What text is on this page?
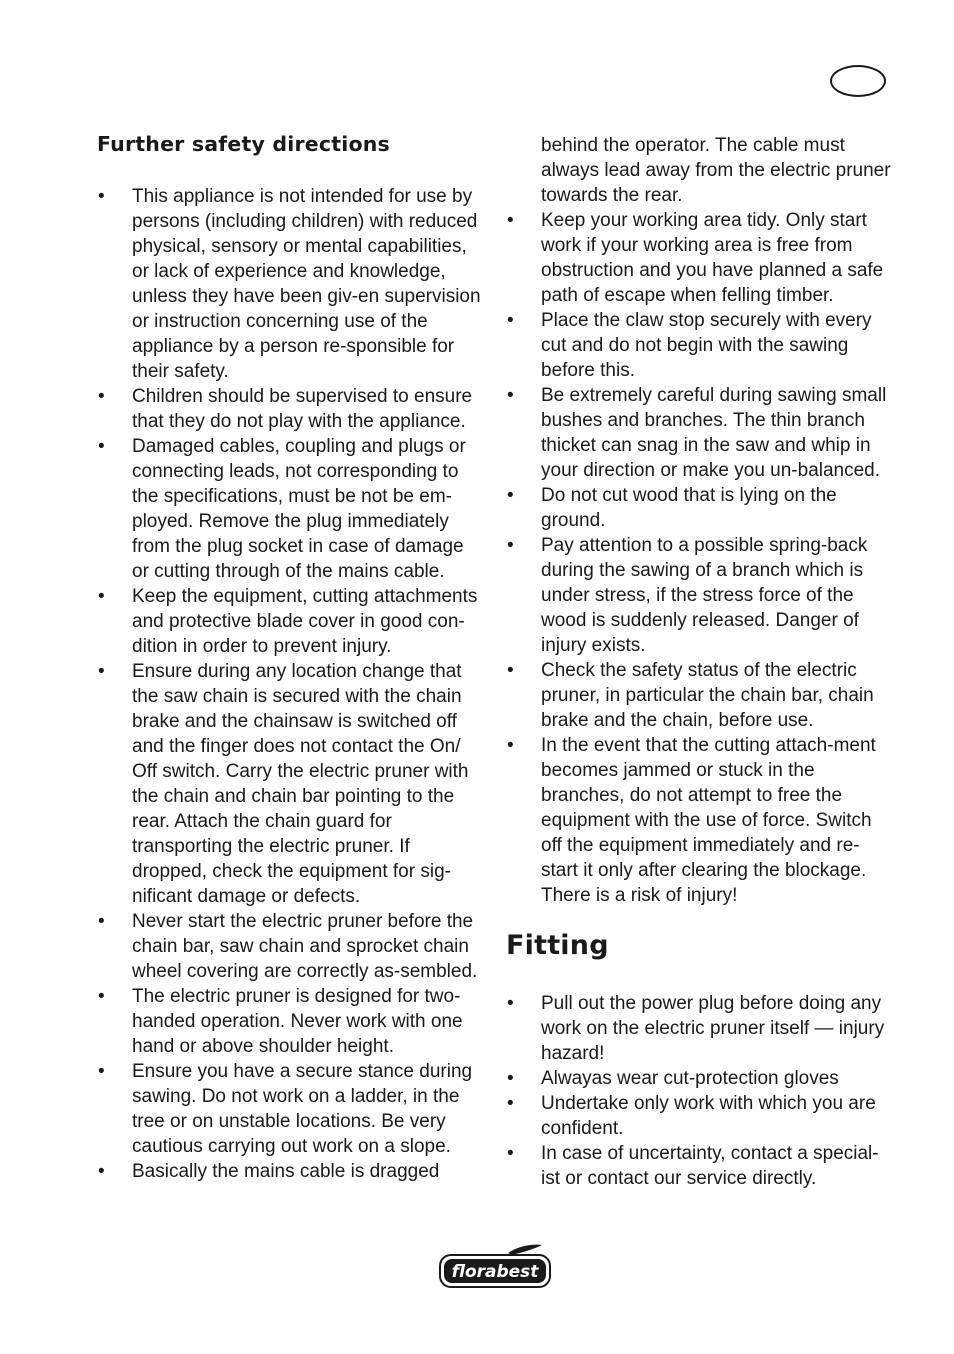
Further safety directions
• This appliance is not intended for use by persons (including children) with reduced physical, sensory or mental capabilities, or lack of experience and knowledge, unless they have been giv-en supervision or instruction concerning use of the appliance by a person re-sponsible for their safety.
• Children should be supervised to ensure that they do not play with the appliance.
• Damaged cables, coupling and plugs or connecting leads, not corresponding to the specifications, must be not be em-ployed. Remove the plug immediately from the plug socket in case of damage or cutting through of the mains cable.
• Keep the equipment, cutting attachments and protective blade cover in good con-dition in order to prevent injury.
• Ensure during any location change that the saw chain is secured with the chain brake and the chainsaw is switched off and the finger does not contact the On/ Off switch. Carry the electric pruner with the chain and chain bar pointing to the rear. Attach the chain guard for transporting the electric pruner. If dropped, check the equipment for sig-nificant damage or defects.
• Never start the electric pruner before the chain bar, saw chain and sprocket chain wheel covering are correctly as-sembled.
• The electric pruner is designed for two-handed operation. Never work with one hand or above shoulder height.
• Ensure you have a secure stance during sawing. Do not work on a ladder, in the tree or on unstable locations. Be very cautious carrying out work on a slope.
• Basically the mains cable is dragged
behind the operator. The cable must always lead away from the electric pruner towards the rear.
• Keep your working area tidy. Only start work if your working area is free from obstruction and you have planned a safe path of escape when felling timber.
• Place the claw stop securely with every cut and do not begin with the sawing before this.
• Be extremely careful during sawing small bushes and branches. The thin branch thicket can snag in the saw and whip in your direction or make you un-balanced.
• Do not cut wood that is lying on the ground.
• Pay attention to a possible spring-back during the sawing of a branch which is under stress, if the stress force of the wood is suddenly released. Danger of injury exists.
• Check the safety status of the electric pruner, in particular the chain bar, chain brake and the chain, before use.
• In the event that the cutting attach-ment becomes jammed or stuck in the branches, do not attempt to free the equipment with the use of force. Switch off the equipment immediately and re-start it only after clearing the blockage. There is a risk of injury!
Fitting
• Pull out the power plug before doing any work on the electric pruner itself — injury hazard!
• Alwayas wear cut-protection gloves
• Undertake only work with which you are confident.
• In case of uncertainty, contact a special-ist or contact our service directly.
florabest
